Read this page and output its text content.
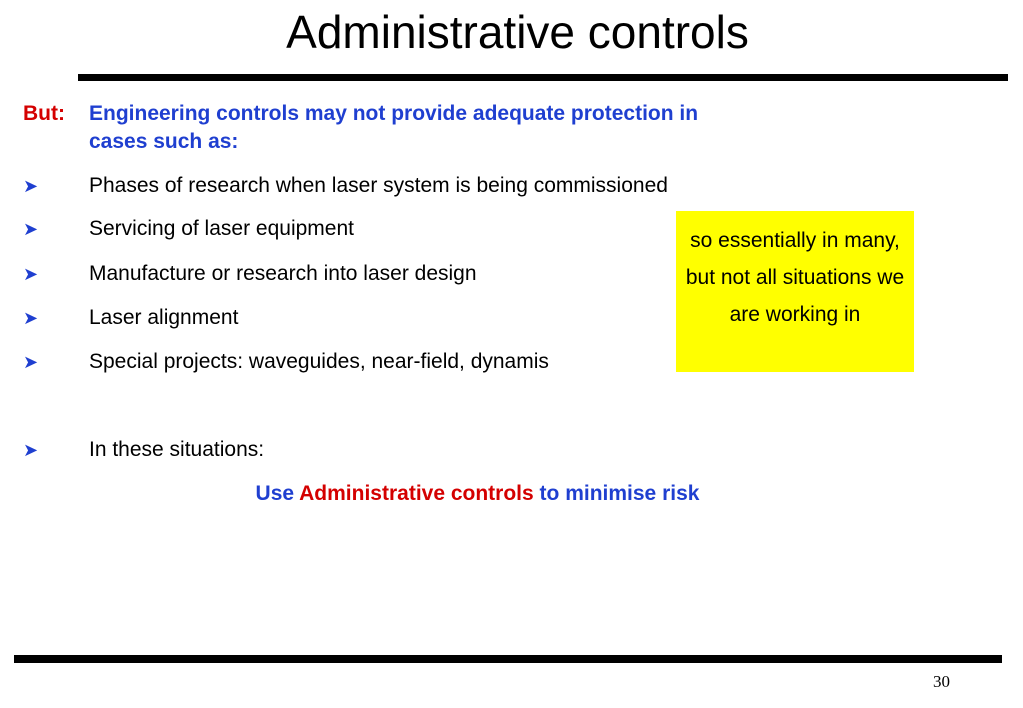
Administrative controls
But: Engineering controls may not provide adequate protection in
cases such as:
➤ Phases of research when laser system is being commissioned
➤ Servicing of laser equipment
➤ Manufacture or research into laser design
➤ Laser alignment
➤ Special projects: waveguides, near-field, dynamis
➤ In these situations:
Use Administrative controls to minimise risk
so essentially in many, but not all situations we are working in
30
